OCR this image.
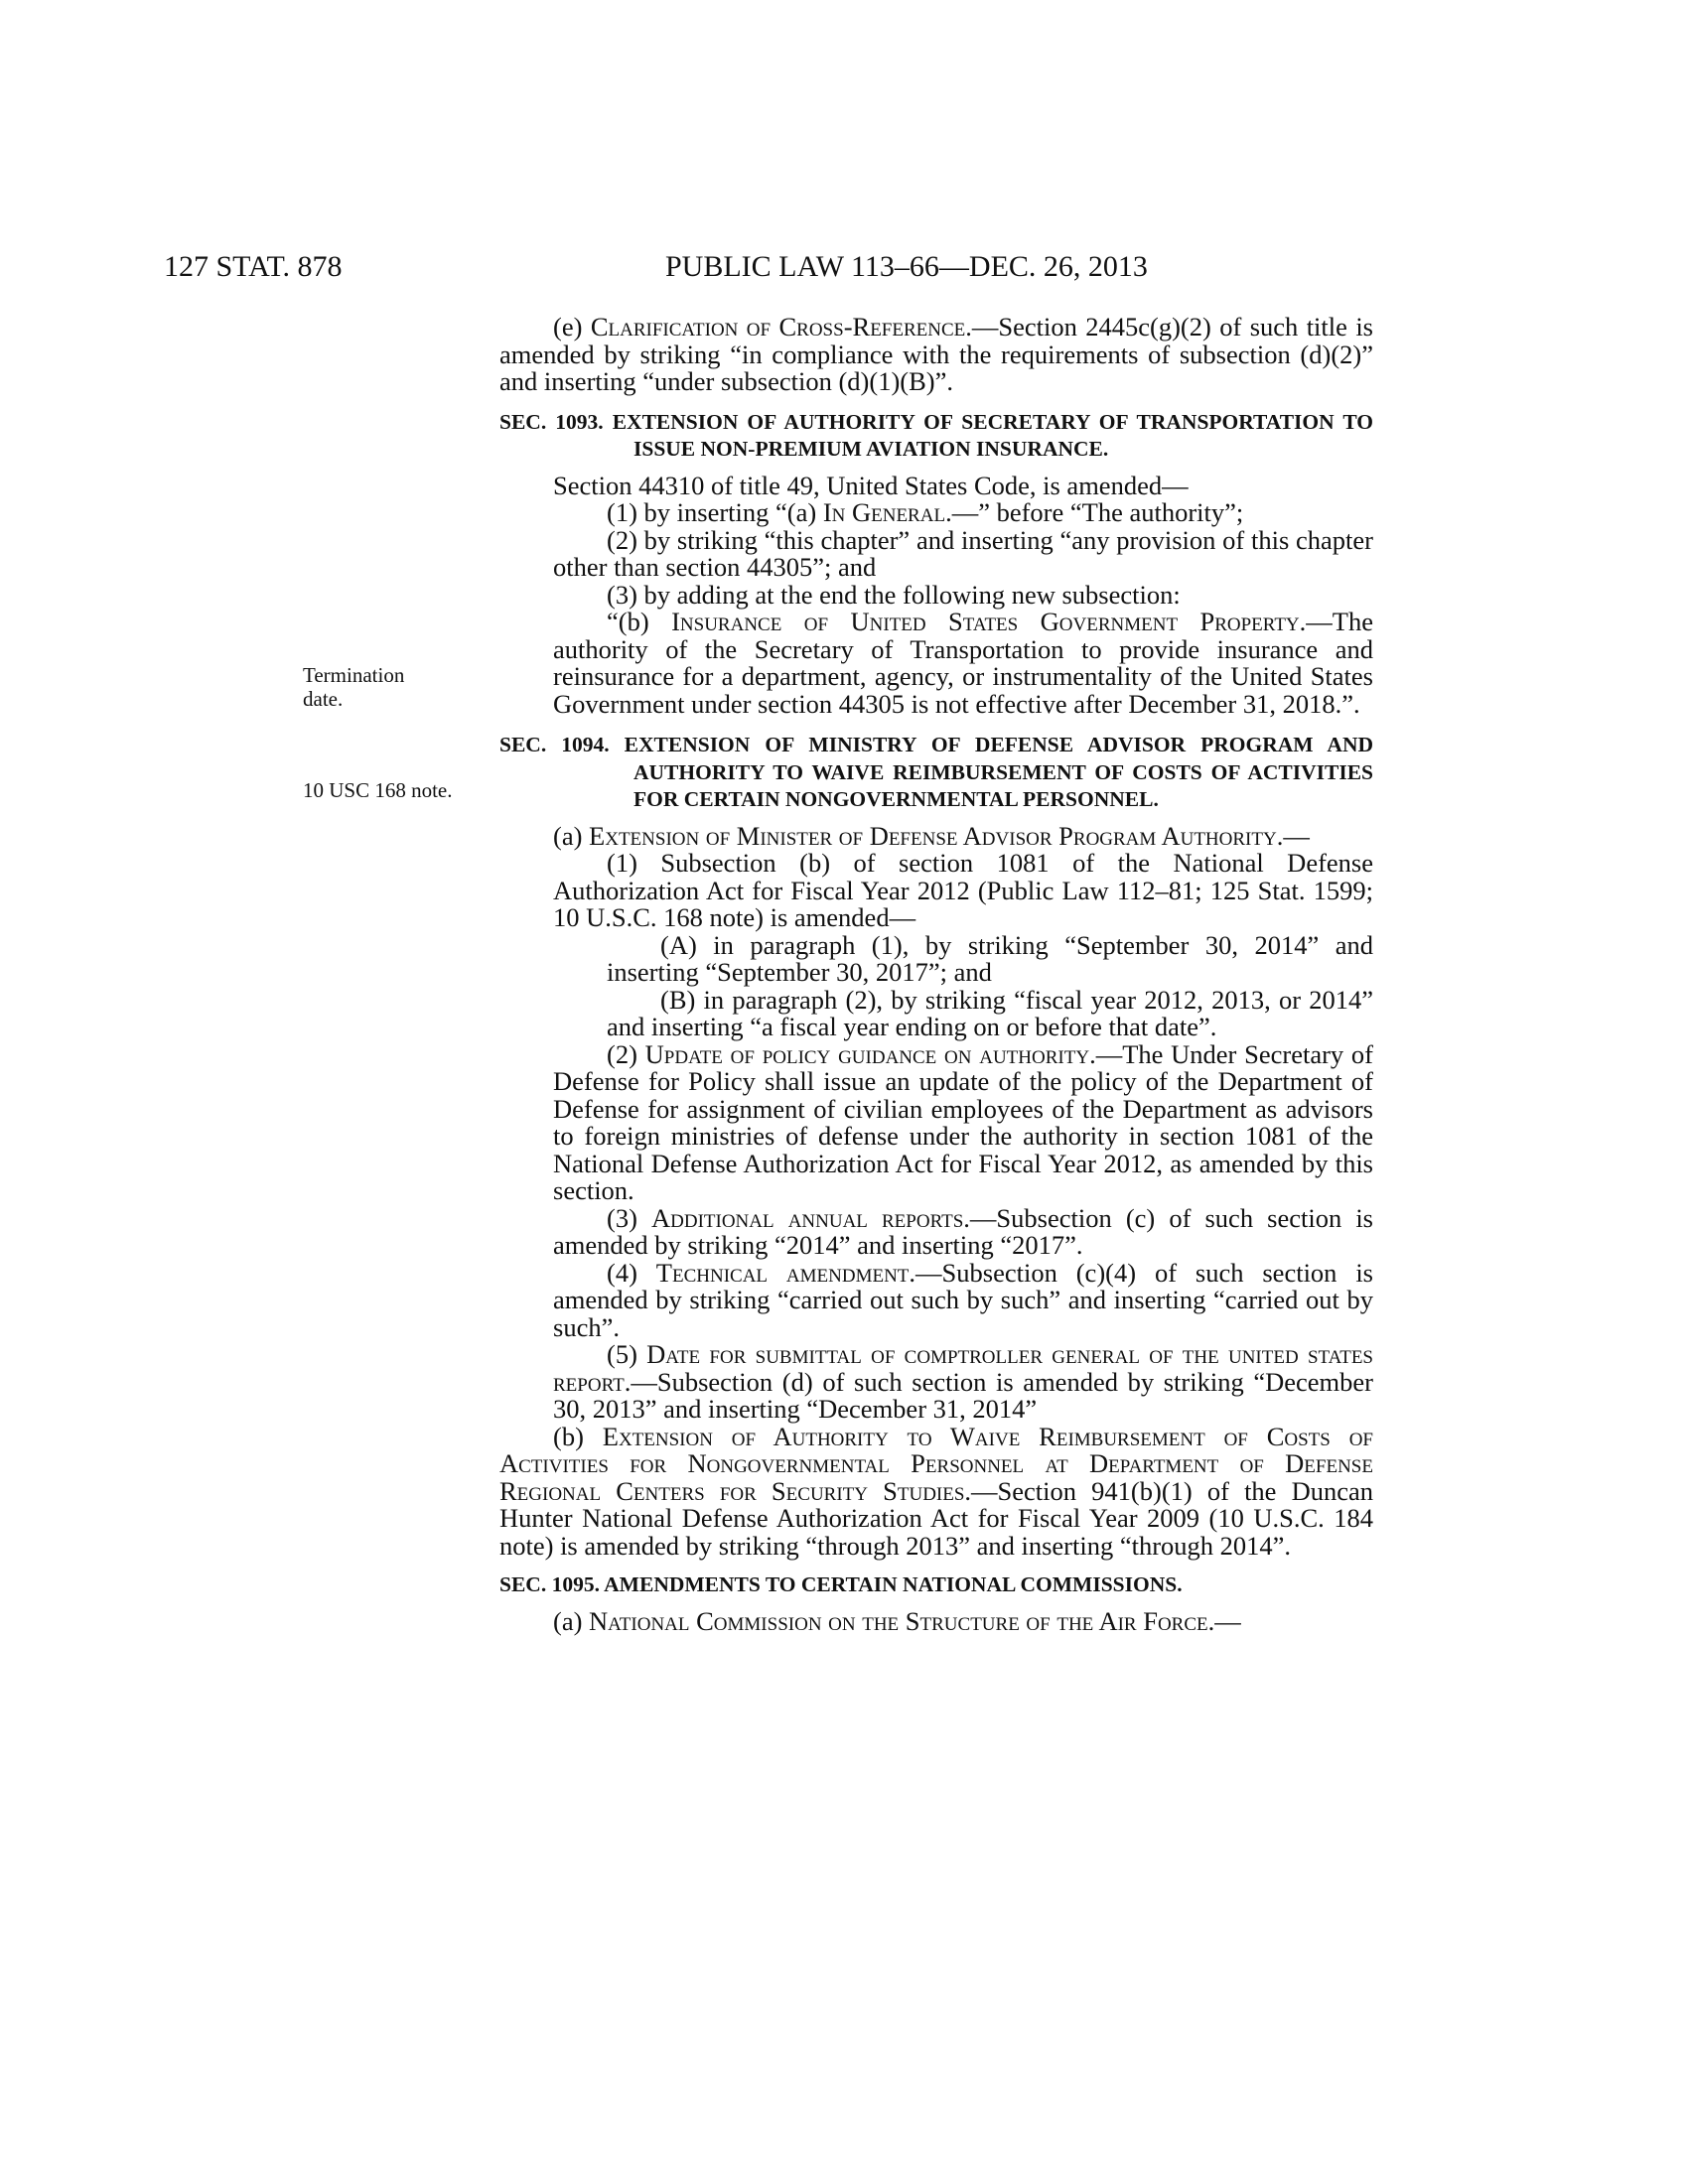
127 STAT. 878	PUBLIC LAW 113–66—DEC. 26, 2013
Termination
date.
10 USC 168 note.

(e) Clarification of Cross-Reference.—Section 2445c(g)(2) of such title is amended by striking “in compliance with the requirements of subsection (d)(2)” and inserting “under subsection (d)(1)(B)”.

SEC. 1093. EXTENSION OF AUTHORITY OF SECRETARY OF TRANSPORTATION TO ISSUE NON-PREMIUM AVIATION INSURANCE.

Section 44310 of title 49, United States Code, is amended—

(1) by inserting “(a) In General.—” before “The authority”;

(2) by striking “this chapter” and inserting “any provision of this chapter other than section 44305”; and

(3) by adding at the end the following new subsection:

“(b) Insurance of United States Government Property.—The authority of the Secretary of Transportation to provide insurance and reinsurance for a department, agency, or instrumentality of the United States Government under section 44305 is not effective after December 31, 2018.”.

SEC. 1094. EXTENSION OF MINISTRY OF DEFENSE ADVISOR PROGRAM AND AUTHORITY TO WAIVE REIMBURSEMENT OF COSTS OF ACTIVITIES FOR CERTAIN NONGOVERNMENTAL PERSONNEL.

(a) Extension of Minister of Defense Advisor Program Authority.—

(1) Subsection (b) of section 1081 of the National Defense Authorization Act for Fiscal Year 2012 (Public Law 112–81; 125 Stat. 1599; 10 U.S.C. 168 note) is amended—

(A) in paragraph (1), by striking “September 30, 2014” and inserting “September 30, 2017”; and

(B) in paragraph (2), by striking “fiscal year 2012, 2013, or 2014” and inserting “a fiscal year ending on or before that date”.

(2) Update of policy guidance on authority.—The Under Secretary of Defense for Policy shall issue an update of the policy of the Department of Defense for assignment of civilian employees of the Department as advisors to foreign ministries of defense under the authority in section 1081 of the National Defense Authorization Act for Fiscal Year 2012, as amended by this section.

(3) Additional annual reports.—Subsection (c) of such section is amended by striking “2014” and inserting “2017”.

(4) Technical amendment.—Subsection (c)(4) of such section is amended by striking “carried out such by such” and inserting “carried out by such”.

(5) Date for submittal of comptroller general of the united states report.—Subsection (d) of such section is amended by striking “December 30, 2013” and inserting “December 31, 2014”

(b) Extension of Authority to Waive Reimbursement of Costs of Activities for Nongovernmental Personnel at Department of Defense Regional Centers for Security Studies.—Section 941(b)(1) of the Duncan Hunter National Defense Authorization Act for Fiscal Year 2009 (10 U.S.C. 184 note) is amended by striking “through 2013” and inserting “through 2014”.

SEC. 1095. AMENDMENTS TO CERTAIN NATIONAL COMMISSIONS.

(a) National Commission on the Structure of the Air Force.—
